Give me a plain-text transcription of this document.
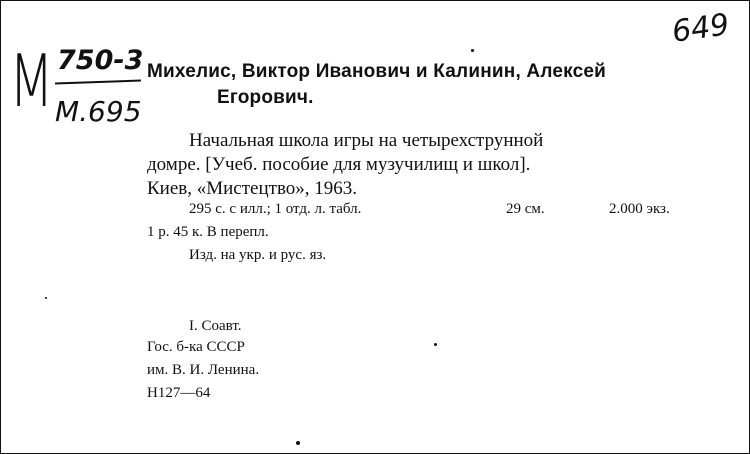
М 750-3
М.695
649
Михелис, Виктор Иванович и Калинин, Алексей
Егорович.
Начальная школа игры на четырехструнной
домре. [Учеб. пособие для музучилищ и школ].
Киев, «Мистецтво», 1963.
295 с. с илл.; 1 отд. л. табл.	29 см.	2.000 экз.
1 р. 45 к. В перепл.
Изд. на укр. и рус. яз.
I. Соавт.
Гос. б-ка СССР
им. В. И. Ленина.
Н127—64
